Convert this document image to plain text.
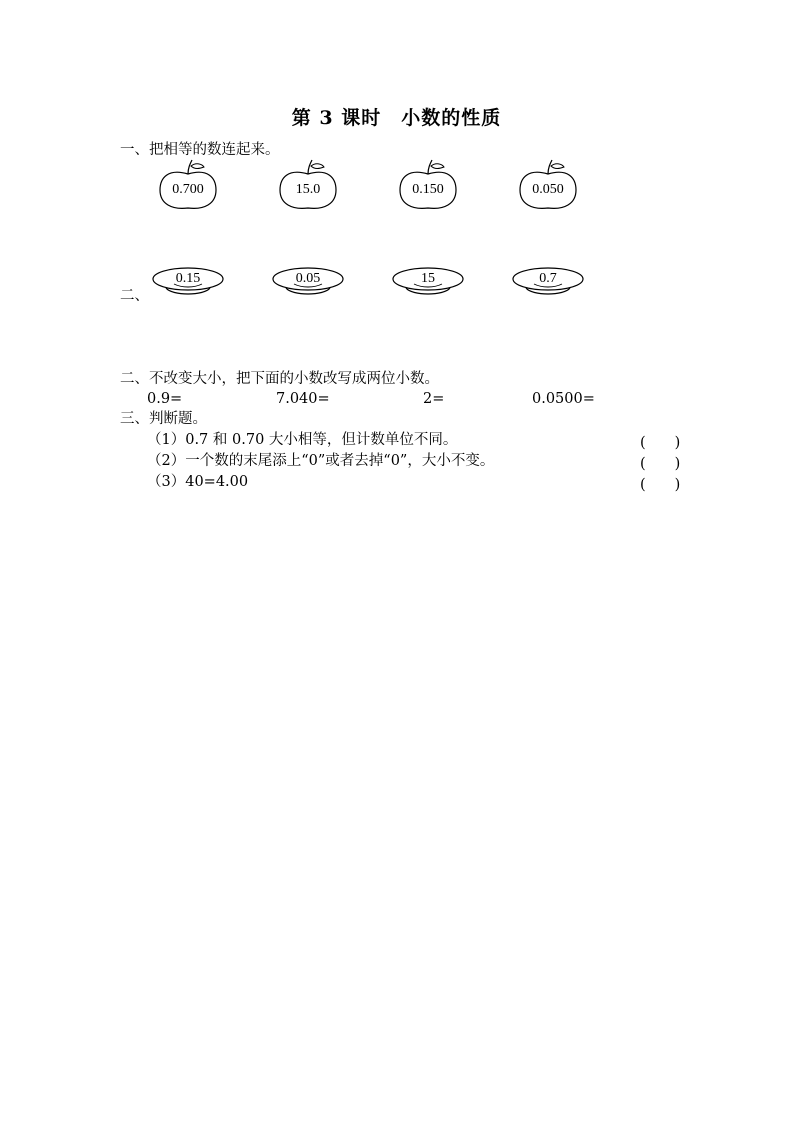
第 3 课时　小数的性质
一、把相等的数连起来。
0.700	15.0	0.150	0.050
二、
0.15	0.05	15	0.7
二、不改变大小，把下面的小数改写成两位小数。
0.9=	7.040=	2=	0.0500=
三、判断题。
（1）0.7 和 0.70 大小相等，但计数单位不同。	(　　)
（2）一个数的末尾添上“0”或者去掉“0”，大小不变。	(　　)
（3）40=4.00	(　　)
